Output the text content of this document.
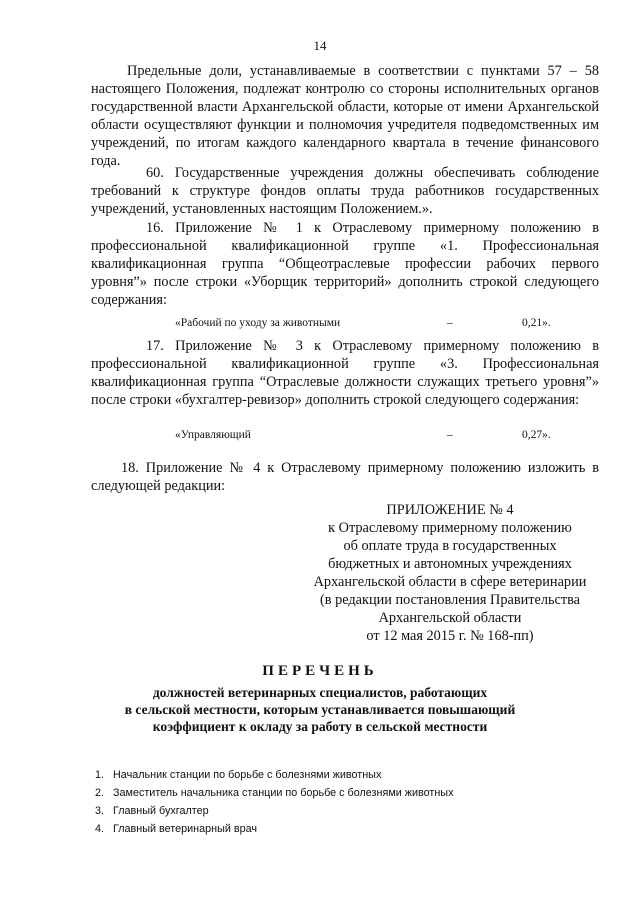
14
Предельные доли, устанавливаемые в соответствии с пунктами 57 – 58 настоящего Положения, подлежат контролю со стороны исполнительных органов государственной власти Архангельской области, которые от имени Архангельской области осуществляют функции и полномочия учредителя подведомственных им учреждений, по итогам каждого календарного квартала в течение финансового года.
60. Государственные учреждения должны обеспечивать соблюдение требований к структуре фондов оплаты труда работников государственных учреждений, установленных настоящим Положением.».
16. Приложение № 1 к Отраслевому примерному положению в профессиональной квалификационной группе «1. Профессиональная квалификационная группа “Общеотраслевые профессии рабочих первого уровня”» после строки «Уборщик территорий» дополнить строкой следующего содержания:
«Рабочий по уходу за животными	–	0,21».
17. Приложение № 3 к Отраслевому примерному положению в профессиональной квалификационной группе «3. Профессиональная квалификационная группа “Отраслевые должности служащих третьего уровня”» после строки «бухгалтер-ревизор» дополнить строкой следующего содержания:
«Управляющий	–	0,27».
18. Приложение № 4 к Отраслевому примерному положению изложить в следующей редакции:
ПРИЛОЖЕНИЕ № 4
к Отраслевому примерному положению
об оплате труда в государственных
бюджетных и автономных учреждениях
Архангельской области в сфере ветеринарии
(в редакции постановления Правительства
Архангельской области
от 12 мая 2015 г. № 168-пп)
ПЕРЕЧЕНЬ
должностей ветеринарных специалистов, работающих
в сельской местности, которым устанавливается повышающий
коэффициент к окладу за работу в сельской местности
1. Начальник станции по борьбе с болезнями животных
2. Заместитель начальника станции по борьбе с болезнями животных
3. Главный бухгалтер
4. Главный ветеринарный врач
